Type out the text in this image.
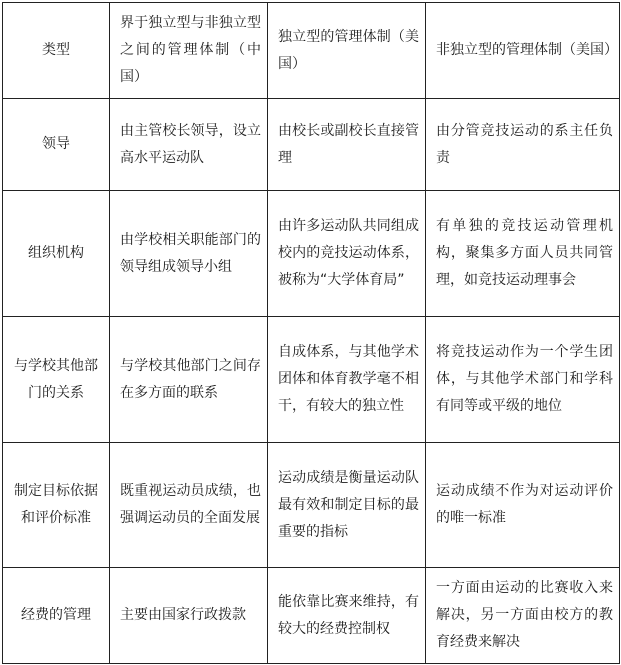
类型	界于独立型与非独立型之间的管理体制（中国）	独立型的管理体制（美国）	非独立型的管理体制（美国）
领导	由主管校长领导，设立高水平运动队	由校长或副校长直接管理	由分管竞技运动的系主任负责
组织机构	由学校相关职能部门的领导组成领导小组	由许多运动队共同组成校内的竞技运动体系，被称为“大学体育局”	有单独的竞技运动管理机构，聚集多方面人员共同管理，如竞技运动理事会
与学校其他部门的关系	与学校其他部门之间存在多方面的联系	自成体系，与其他学术团体和体育教学毫不相干，有较大的独立性	将竞技运动作为一个学生团体，与其他学术部门和学科有同等或平级的地位
制定目标依据和评价标准	既重视运动员成绩，也强调运动员的全面发展	运动成绩是衡量运动队最有效和制定目标的最重要的指标	运动成绩不作为对运动评价的唯一标准
经费的管理	主要由国家行政拨款	能依靠比赛来维持，有较大的经费控制权	一方面由运动的比赛收入来解决，另一方面由校方的教育经费来解决
